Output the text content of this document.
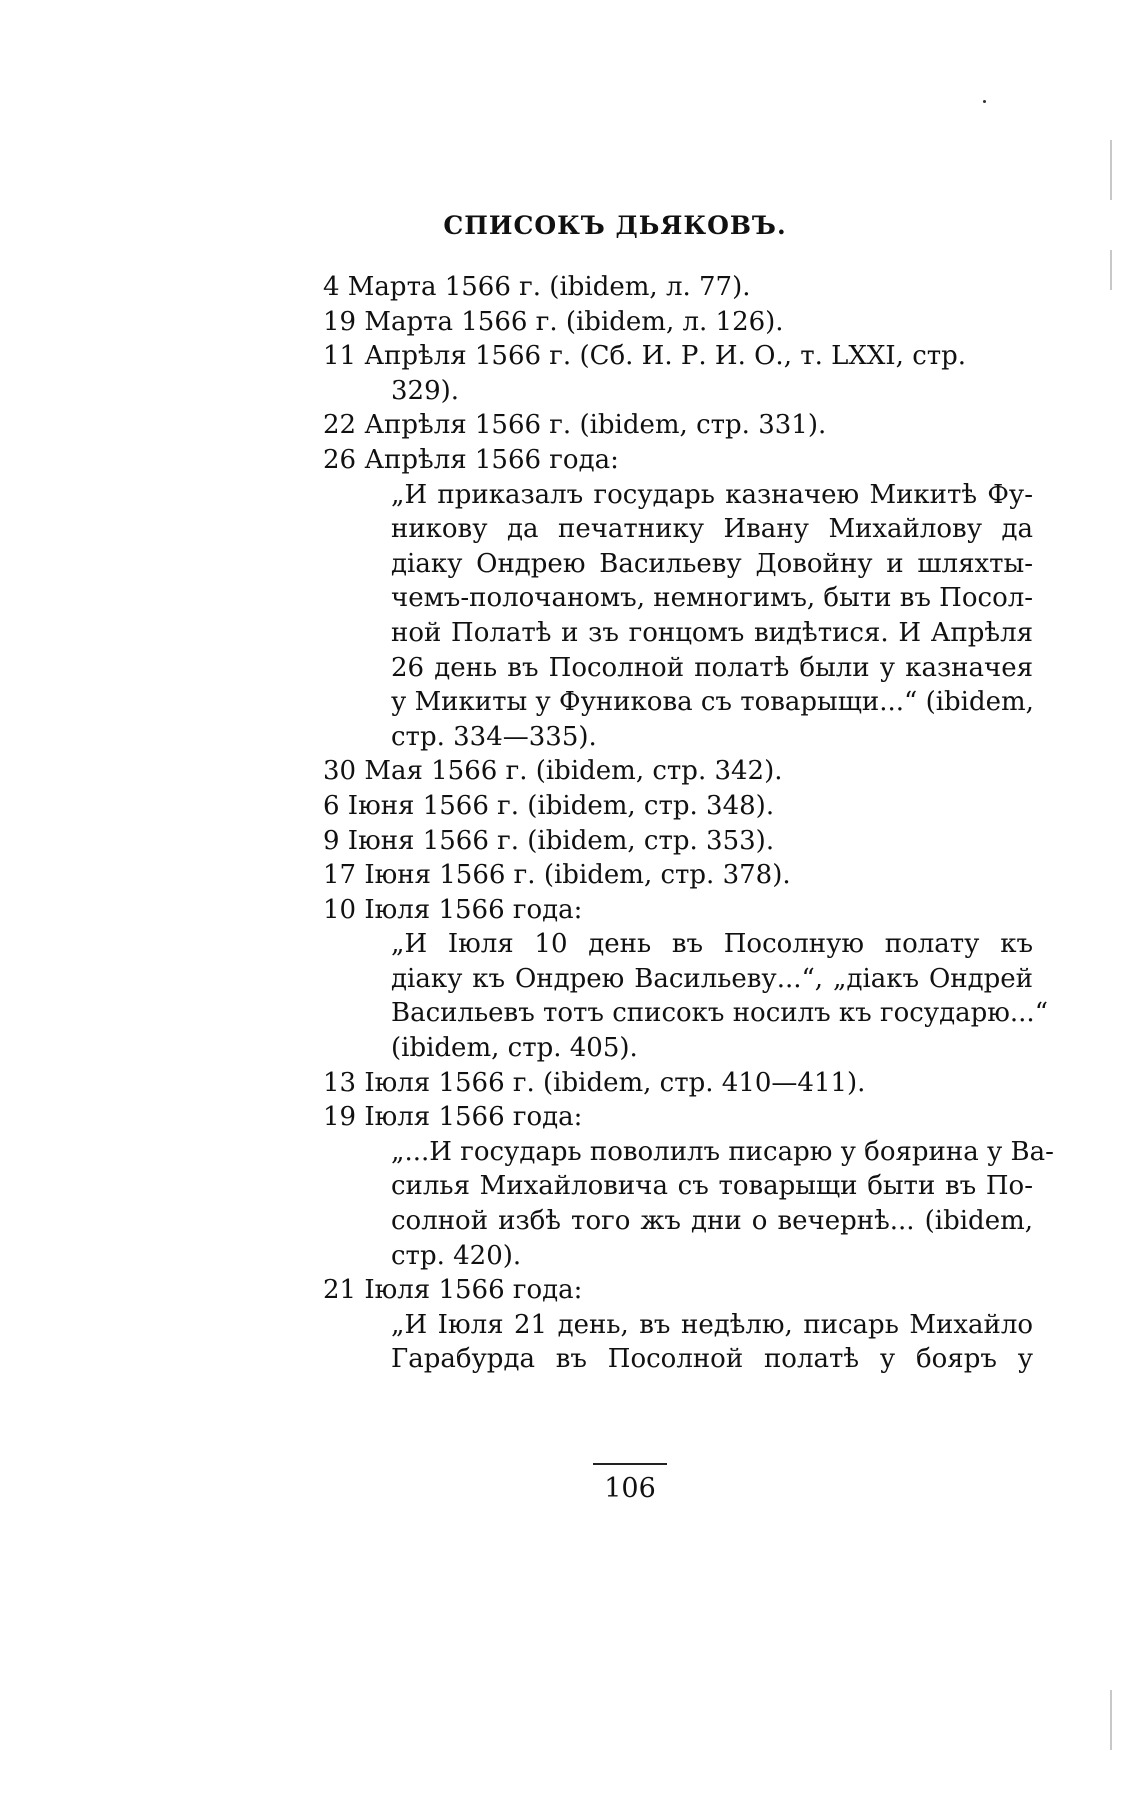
СПИСОКЪ ДЬЯКОВЪ.
4 Марта 1566 г. (ibidem, л. 77).
19 Марта 1566 г. (ibidem, л. 126).
11 Апрѣля 1566 г. (Сб. И. Р. И. О., т. LXXI, стр.
329).
22 Апрѣля 1566 г. (ibidem, стр. 331).
26 Апрѣля 1566 года:
„И приказалъ государь казначею Микитѣ Фу-
никову да печатнику Ивану Михайлову да
діаку Ондрею Васильеву Довойну и шляхты-
чемъ-полочаномъ, немногимъ, быти въ Посол-
ной Полатѣ и зъ гонцомъ видѣтися. И Апрѣля
26 день въ Посолной полатѣ были у казначея
у Микиты у Фуникова съ товарыщи...“ (ibidem,
стр. 334—335).
30 Мая 1566 г. (ibidem, стр. 342).
6 Іюня 1566 г. (ibidem, стр. 348).
9 Іюня 1566 г. (ibidem, стр. 353).
17 Іюня 1566 г. (ibidem, стр. 378).
10 Іюля 1566 года:
„И Іюля 10 день въ Посолную полату къ
діаку къ Ондрею Васильеву...“, „діакъ Ондрей
Васильевъ тотъ списокъ носилъ къ государю...“
(ibidem, стр. 405).
13 Іюля 1566 г. (ibidem, стр. 410—411).
19 Іюля 1566 года:
„...И государь поволилъ писарю у боярина у Ва-
силья Михайловича съ товарыщи быти въ По-
солной избѣ того жъ дни о вечернѣ... (ibidem,
стр. 420).
21 Іюля 1566 года:
„И Іюля 21 день, въ недѣлю, писарь Михайло
Гарабурда въ Посолной полатѣ у бояръ у
106
